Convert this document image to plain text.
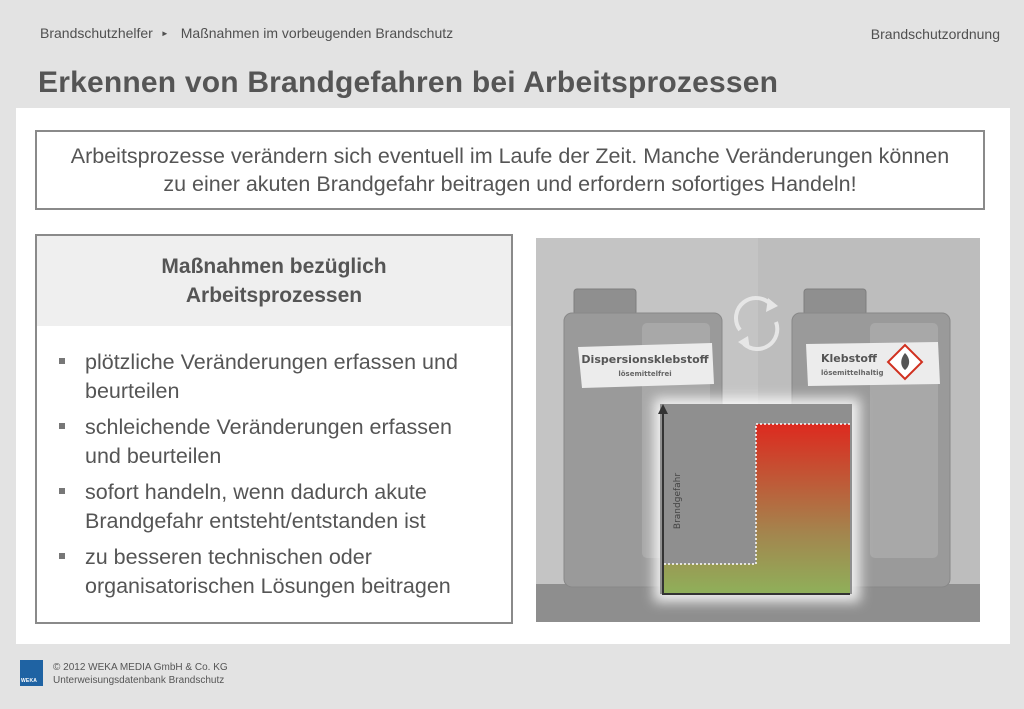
Brandschutzhelfer ► Maßnahmen im vorbeugenden Brandschutz	Brandschutzordnung
Erkennen von Brandgefahren bei Arbeitsprozessen
Arbeitsprozesse verändern sich eventuell im Laufe der Zeit. Manche Veränderungen können zu einer akuten Brandgefahr beitragen und erfordern sofortiges Handeln!
Maßnahmen bezüglich Arbeitsprozessen
plötzliche Veränderungen erfassen und beurteilen
schleichende Veränderungen erfassen und beurteilen
sofort handeln, wenn dadurch akute Brandgefahr entsteht/entstanden ist
zu besseren technischen oder organisatorischen Lösungen beitragen
Dispersionsklebstoff
lösemittelfrei
Klebstoff
lösemittelhaltig
Brandgefahr
WEKA
© 2012 WEKA MEDIA GmbH & Co. KG
Unterweisungsdatenbank Brandschutz
